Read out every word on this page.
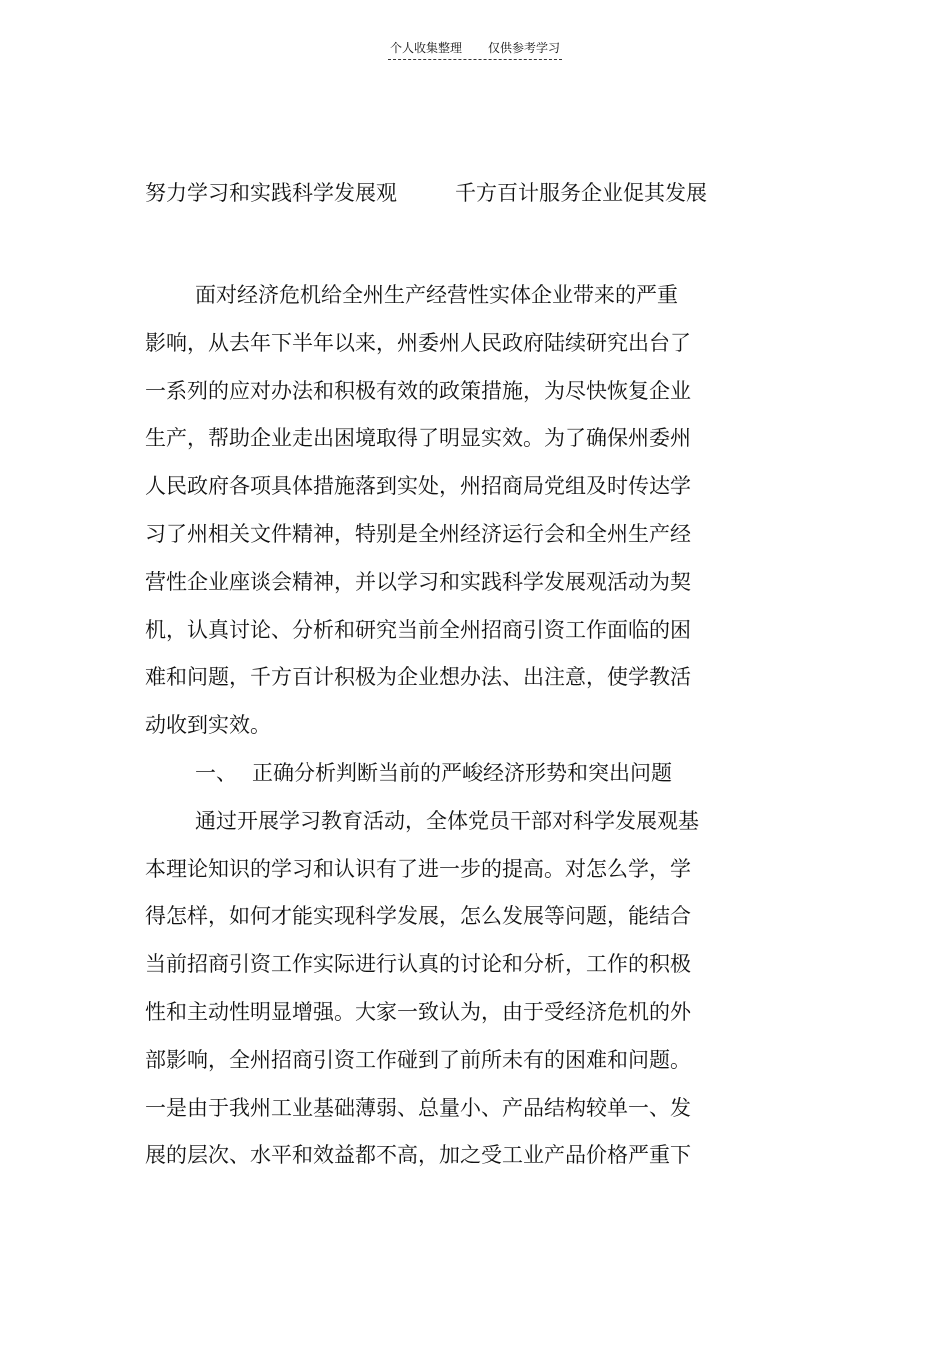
个人收集整理 仅供参考学习
努力学习和实践科学发展观	千方百计服务企业促其发展
面对经济危机给全州生产经营性实体企业带来的严重
影响，从去年下半年以来，州委州人民政府陆续研究出台了
一系列的应对办法和积极有效的政策措施，为尽快恢复企业
生产，帮助企业走出困境取得了明显实效。为了确保州委州
人民政府各项具体措施落到实处，州招商局党组及时传达学
习了州相关文件精神，特别是全州经济运行会和全州生产经
营性企业座谈会精神，并以学习和实践科学发展观活动为契
机，认真讨论、分析和研究当前全州招商引资工作面临的困
难和问题，千方百计积极为企业想办法、出注意，使学教活
动收到实效。
一、 正确分析判断当前的严峻经济形势和突出问题
通过开展学习教育活动，全体党员干部对科学发展观基
本理论知识的学习和认识有了进一步的提高。对怎么学，学
得怎样，如何才能实现科学发展，怎么发展等问题，能结合
当前招商引资工作实际进行认真的讨论和分析，工作的积极
性和主动性明显增强。大家一致认为，由于受经济危机的外
部影响，全州招商引资工作碰到了前所未有的困难和问题。
一是由于我州工业基础薄弱、总量小、产品结构较单一、发
展的层次、水平和效益都不高，加之受工业产品价格严重下
